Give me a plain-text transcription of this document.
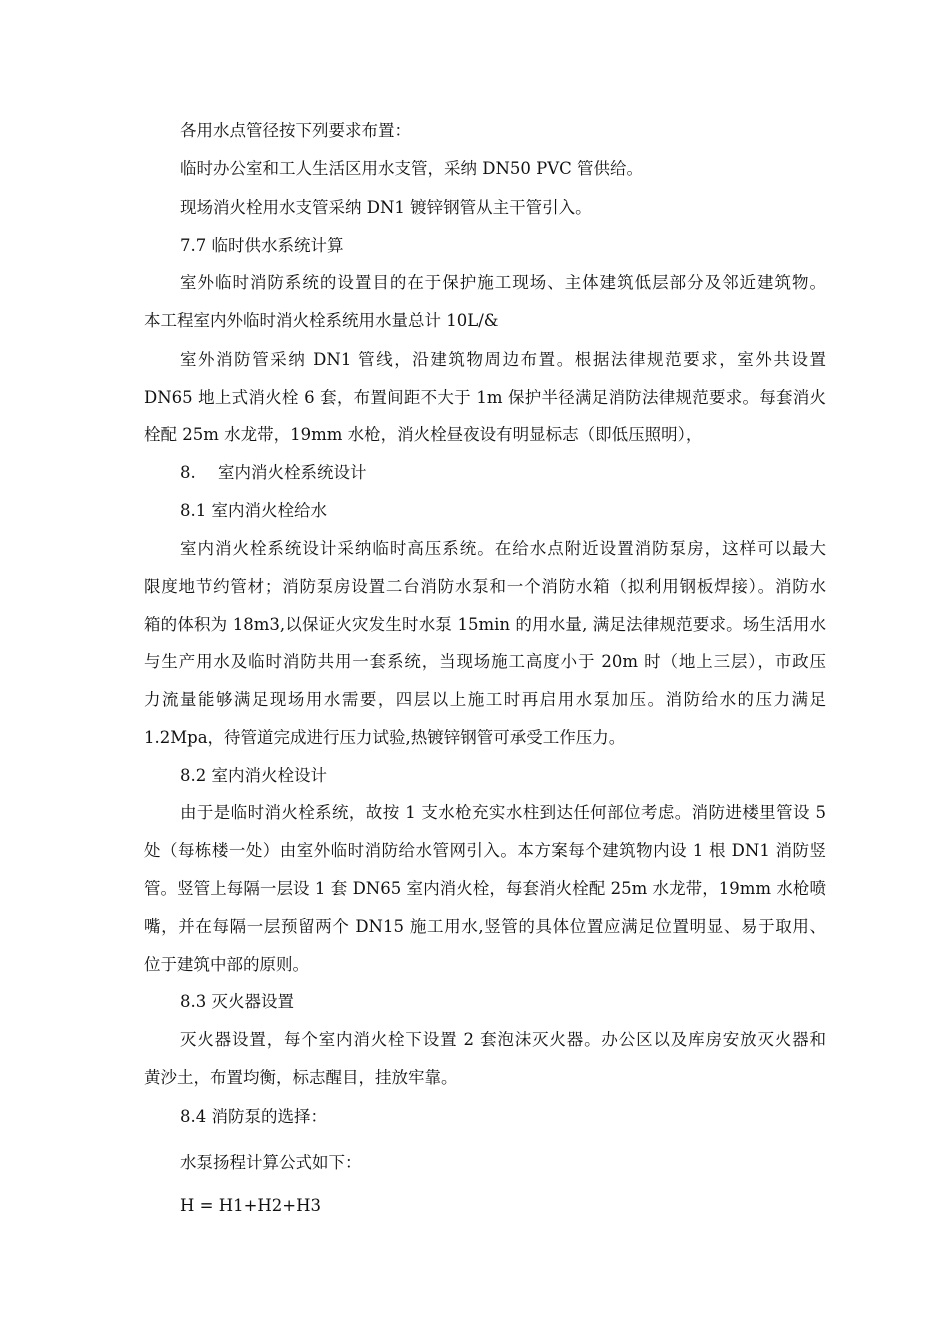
各用水点管径按下列要求布置：
临时办公室和工人生活区用水支管，采纳 DN50 PVC 管供给。
现场消火栓用水支管采纳 DN1 镀锌钢管从主干管引入。
7.7 临时供水系统计算
室外临时消防系统的设置目的在于保护施工现场、主体建筑低层部分及邻近建筑物。
本工程室内外临时消火栓系统用水量总计 10L/&
室外消防管采纳 DN1 管线，沿建筑物周边布置。根据法律规范要求，室外共设置
DN65 地上式消火栓 6 套，布置间距不大于 1m 保护半径满足消防法律规范要求。每套消火
栓配 25m 水龙带，19mm 水枪，消火栓昼夜设有明显标志（即低压照明），
8. 室内消火栓系统设计
8.1 室内消火栓给水
室内消火栓系统设计采纳临时高压系统。在给水点附近设置消防泵房，这样可以最大
限度地节约管材；消防泵房设置二台消防水泵和一个消防水箱（拟利用钢板焊接）。消防水
箱的体积为 18m3,以保证火灾发生时水泵 15min 的用水量, 满足法律规范要求。场生活用水
与生产用水及临时消防共用一套系统，当现场施工高度小于 20m 时（地上三层），市政压
力流量能够满足现场用水需要，四层以上施工时再启用水泵加压。消防给水的压力满足
1.2Mpa，待管道完成进行压力试验,热镀锌钢管可承受工作压力。
8.2 室内消火栓设计
由于是临时消火栓系统，故按 1 支水枪充实水柱到达任何部位考虑。消防进楼里管设 5
处（每栋楼一处）由室外临时消防给水管网引入。本方案每个建筑物内设 1 根 DN1 消防竖
管。竖管上每隔一层设 1 套 DN65 室内消火栓，每套消火栓配 25m 水龙带，19mm 水枪喷
嘴，并在每隔一层预留两个 DN15 施工用水,竖管的具体位置应满足位置明显、易于取用、
位于建筑中部的原则。
8.3 灭火器设置
灭火器设置，每个室内消火栓下设置 2 套泡沫灭火器。办公区以及库房安放灭火器和
黄沙土，布置均衡，标志醒目，挂放牢靠。
8.4 消防泵的选择：
水泵扬程计算公式如下：
H = H1+H2+H3
